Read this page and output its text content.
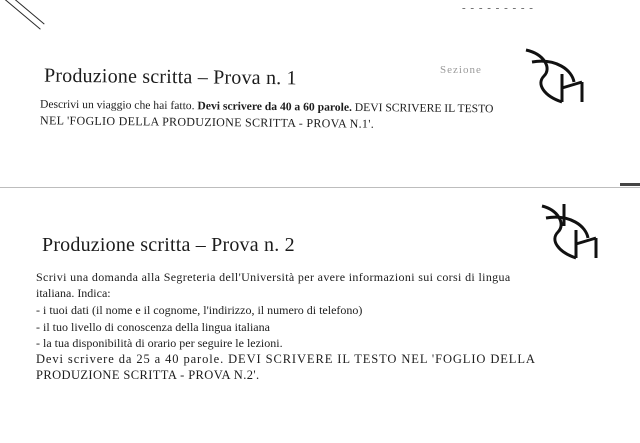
- - - - - - - - -
Produzione scritta – Prova n. 1	Sezione
Descrivi un viaggio che hai fatto. Devi scrivere da 40 a 60 parole. DEVI SCRIVERE IL TESTO
NEL 'FOGLIO DELLA PRODUZIONE SCRITTA - PROVA N.1'.
Produzione scritta – Prova n. 2
Scrivi una domanda alla Segreteria dell'Università per avere informazioni sui corsi di lingua
italiana. Indica:
- i tuoi dati (il nome e il cognome, l'indirizzo, il numero di telefono)
- il tuo livello di conoscenza della lingua italiana
- la tua disponibilità di orario per seguire le lezioni.
Devi scrivere da 25 a 40 parole. DEVI SCRIVERE IL TESTO NEL 'FOGLIO DELLA
PRODUZIONE SCRITTA - PROVA N.2'.
